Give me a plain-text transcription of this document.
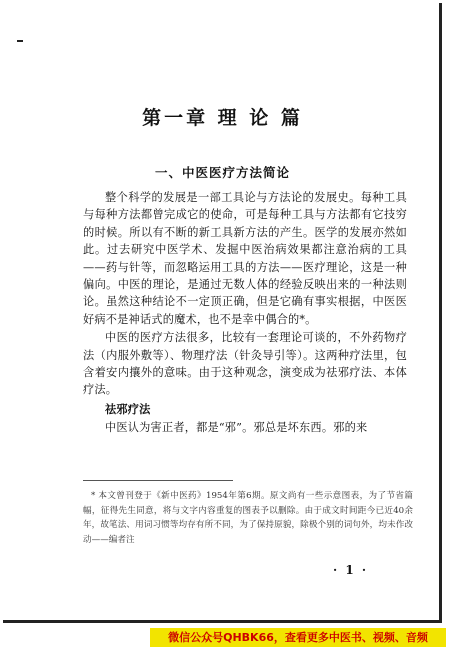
第一章 理 论 篇
一、中医医疗方法简论

整个科学的发展是一部工具论与方法论的发展史。每种工具与每种方法都曾完成它的使命，可是每种工具与方法都有它技穷的时候。所以有不断的新工具新方法的产生。医学的发展亦然如此。过去研究中医学术、发掘中医治病效果都注意治病的工具——药与针等，而忽略运用工具的方法——医疗理论，这是一种偏向。中医的理论，是通过无数人体的经验反映出来的一种法则论。虽然这种结论不一定顶正确，但是它确有事实根据，中医医好病不是神话式的魔术，也不是幸中偶合的*。

中医的医疗方法很多，比较有一套理论可谈的，不外药物疗法（内服外敷等）、物理疗法（针灸导引等）。这两种疗法里，包含着安内攘外的意味。由于这种观念，演变成为祛邪疗法、本体疗法。

祛邪疗法

中医认为害正者，都是“邪”。邪总是坏东西。邪的来

* 本文曾刊登于《新中医药》1954年第6期。原文尚有一些示意图表，为了节省篇幅，征得先生同意，将与文字内容重复的图表予以删除。由于成文时间距今已近40余年，故笔法、用词习惯等均存有所不同，为了保持原貌，除极个别的词句外，均未作改动——编者注

· 1 ·
微信公众号QHBK66，查看更多中医书、视频、音频
